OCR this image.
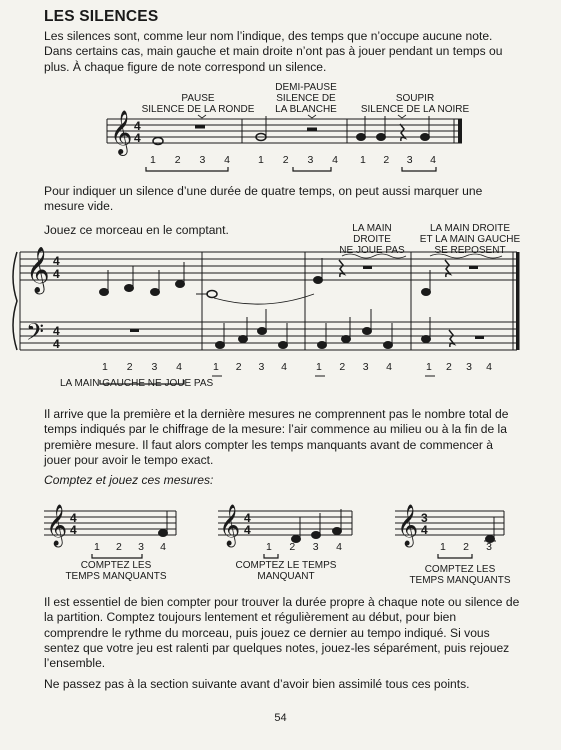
LES SILENCES
Les silences sont, comme leur nom l’indique, des temps que n’occupe aucune note. Dans certains cas, main gauche et main droite n’ont pas à jouer pendant un temps ou plus. À chaque figure de note correspond un silence.
PAUSE
SILENCE DE LA RONDE
DEMI-PAUSE
SILENCE DE
LA BLANCHE
SOUPIR
SILENCE DE LA NOIRE
𝄞 4
4
𝄞
𝄢
4
4
4
4
𝄞 4
4	𝄞 4
4	𝄞 3
4
1 2 3 4	1 2 3 4 1 2 3 4
Pour indiquer un silence d’une durée de quatre temps, on peut aussi marquer une mesure vide.
Jouez ce morceau en le comptant.	LA MAIN
DROITE
NE JOUE PAS
LA MAIN DROITE
ET LA MAIN GAUCHE
SE REPOSENT
1 2 3 4	1 2 3 4	1 2 3 4	1 2 3 4
LA MAIN GAUCHE NE JOUE PAS
Il arrive que la première et la dernière mesures ne comprennent pas le nombre total de temps indiqués par le chiffrage de la mesure: l’air commence au milieu ou à la fin de la première mesure. Il faut alors compter les temps manquants avant de commencer à jouer pour avoir le tempo exact.
Comptez et jouez ces mesures:
1 2 3 4
COMPTEZ LES
TEMPS MANQUANTS
1 2 3 4
COMPTEZ LE TEMPS
MANQUANT
1 2 3
COMPTEZ LES
TEMPS MANQUANTS
Il est essentiel de bien compter pour trouver la durée propre à chaque note ou silence de la partition. Comptez toujours lentement et régulièrement au début, pour bien comprendre le rythme du morceau, puis jouez ce dernier au tempo indiqué. Si vous sentez que votre jeu est ralenti par quelques notes, jouez-les séparément, puis rejouez l’ensemble.
Ne passez pas à la section suivante avant d’avoir bien assimilé tous ces points.
54
